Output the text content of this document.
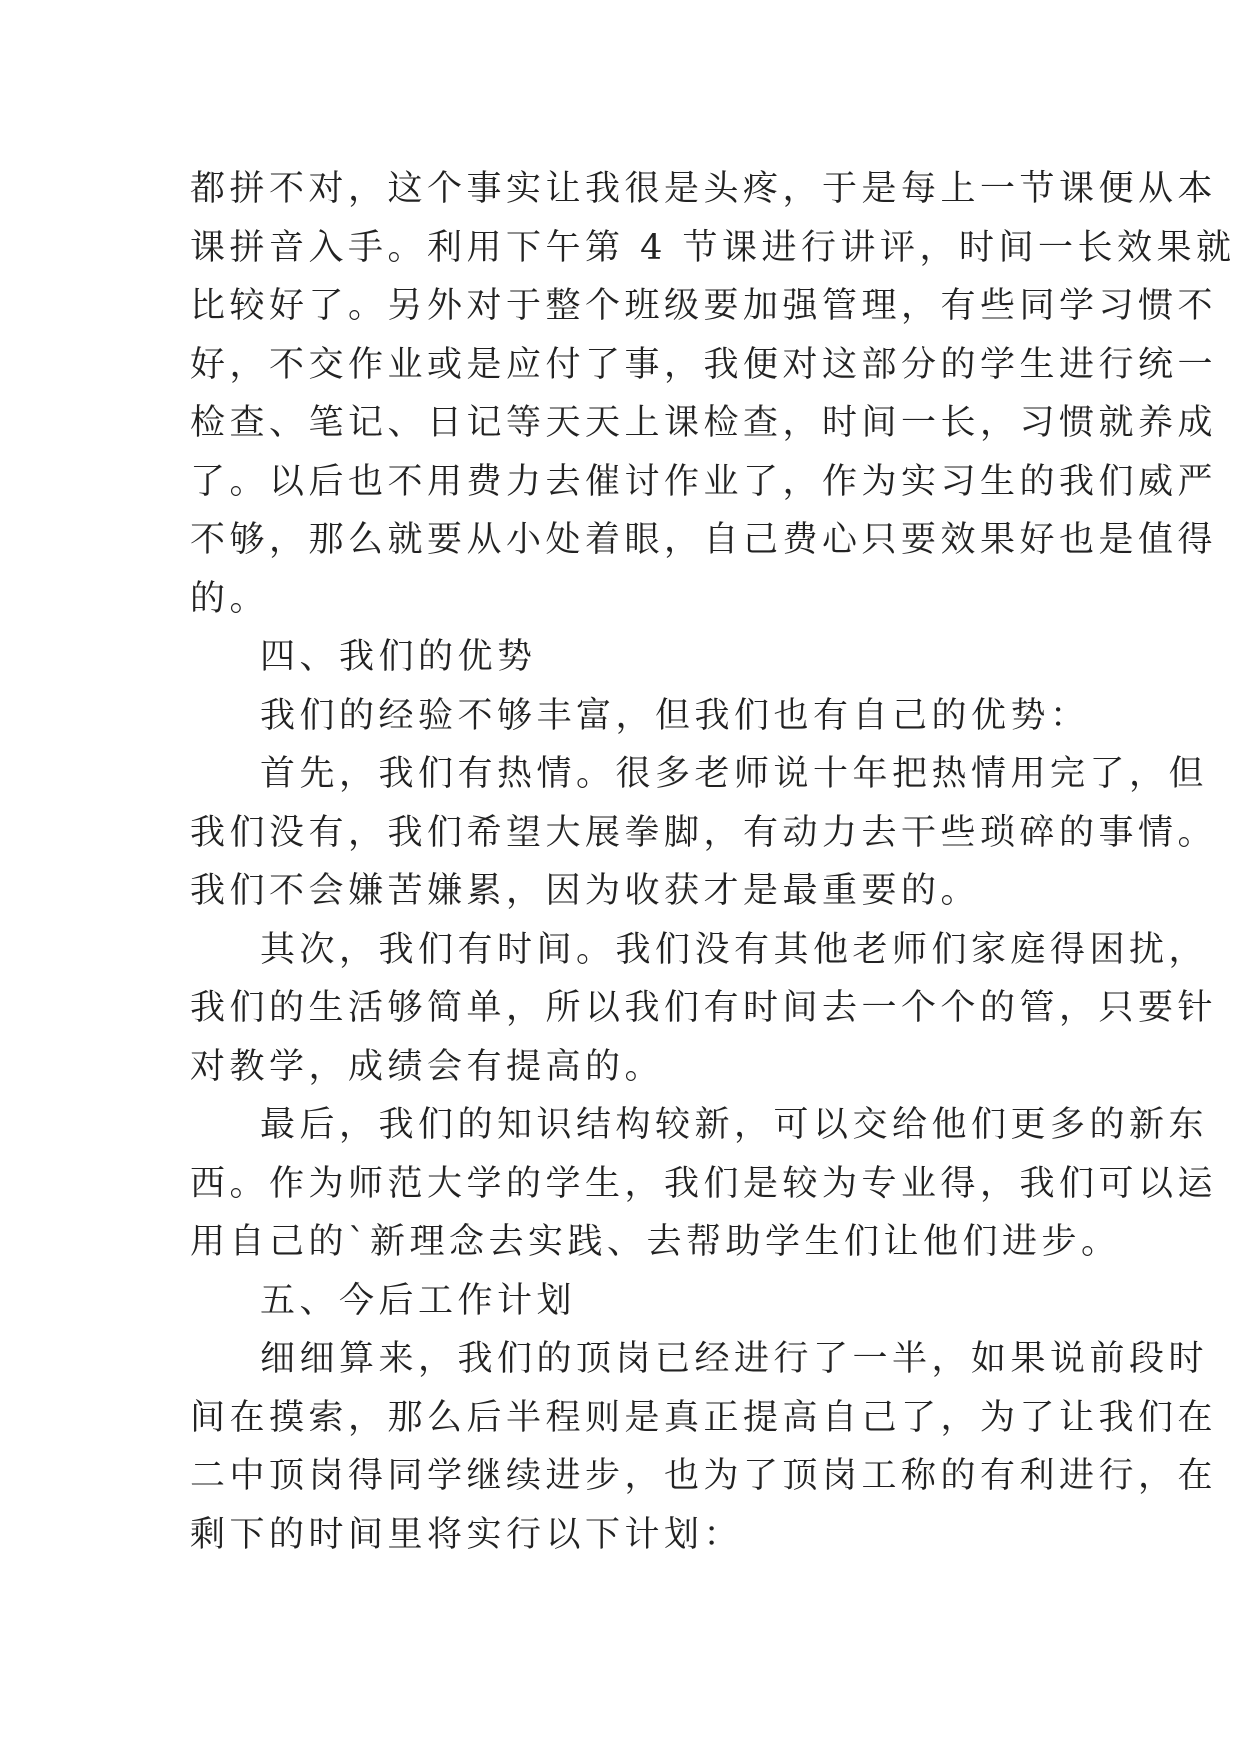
都拼不对，这个事实让我很是头疼，于是每上一节课便从本
课拼音入手。利用下午第 4 节课进行讲评，时间一长效果就
比较好了。另外对于整个班级要加强管理，有些同学习惯不
好，不交作业或是应付了事，我便对这部分的学生进行统一
检查、笔记、日记等天天上课检查，时间一长，习惯就养成
了。以后也不用费力去催讨作业了，作为实习生的我们威严
不够，那么就要从小处着眼，自己费心只要效果好也是值得
的。
四、我们的优势
我们的经验不够丰富，但我们也有自己的优势：
首先，我们有热情。很多老师说十年把热情用完了，但
我们没有，我们希望大展拳脚，有动力去干些琐碎的事情。
我们不会嫌苦嫌累，因为收获才是最重要的。
其次，我们有时间。我们没有其他老师们家庭得困扰，
我们的生活够简单，所以我们有时间去一个个的管，只要针
对教学，成绩会有提高的。
最后，我们的知识结构较新，可以交给他们更多的新东
西。作为师范大学的学生，我们是较为专业得，我们可以运
用自己的`新理念去实践、去帮助学生们让他们进步。
五、今后工作计划
细细算来，我们的顶岗已经进行了一半，如果说前段时
间在摸索，那么后半程则是真正提高自己了，为了让我们在
二中顶岗得同学继续进步，也为了顶岗工称的有利进行，在
剩下的时间里将实行以下计划：
